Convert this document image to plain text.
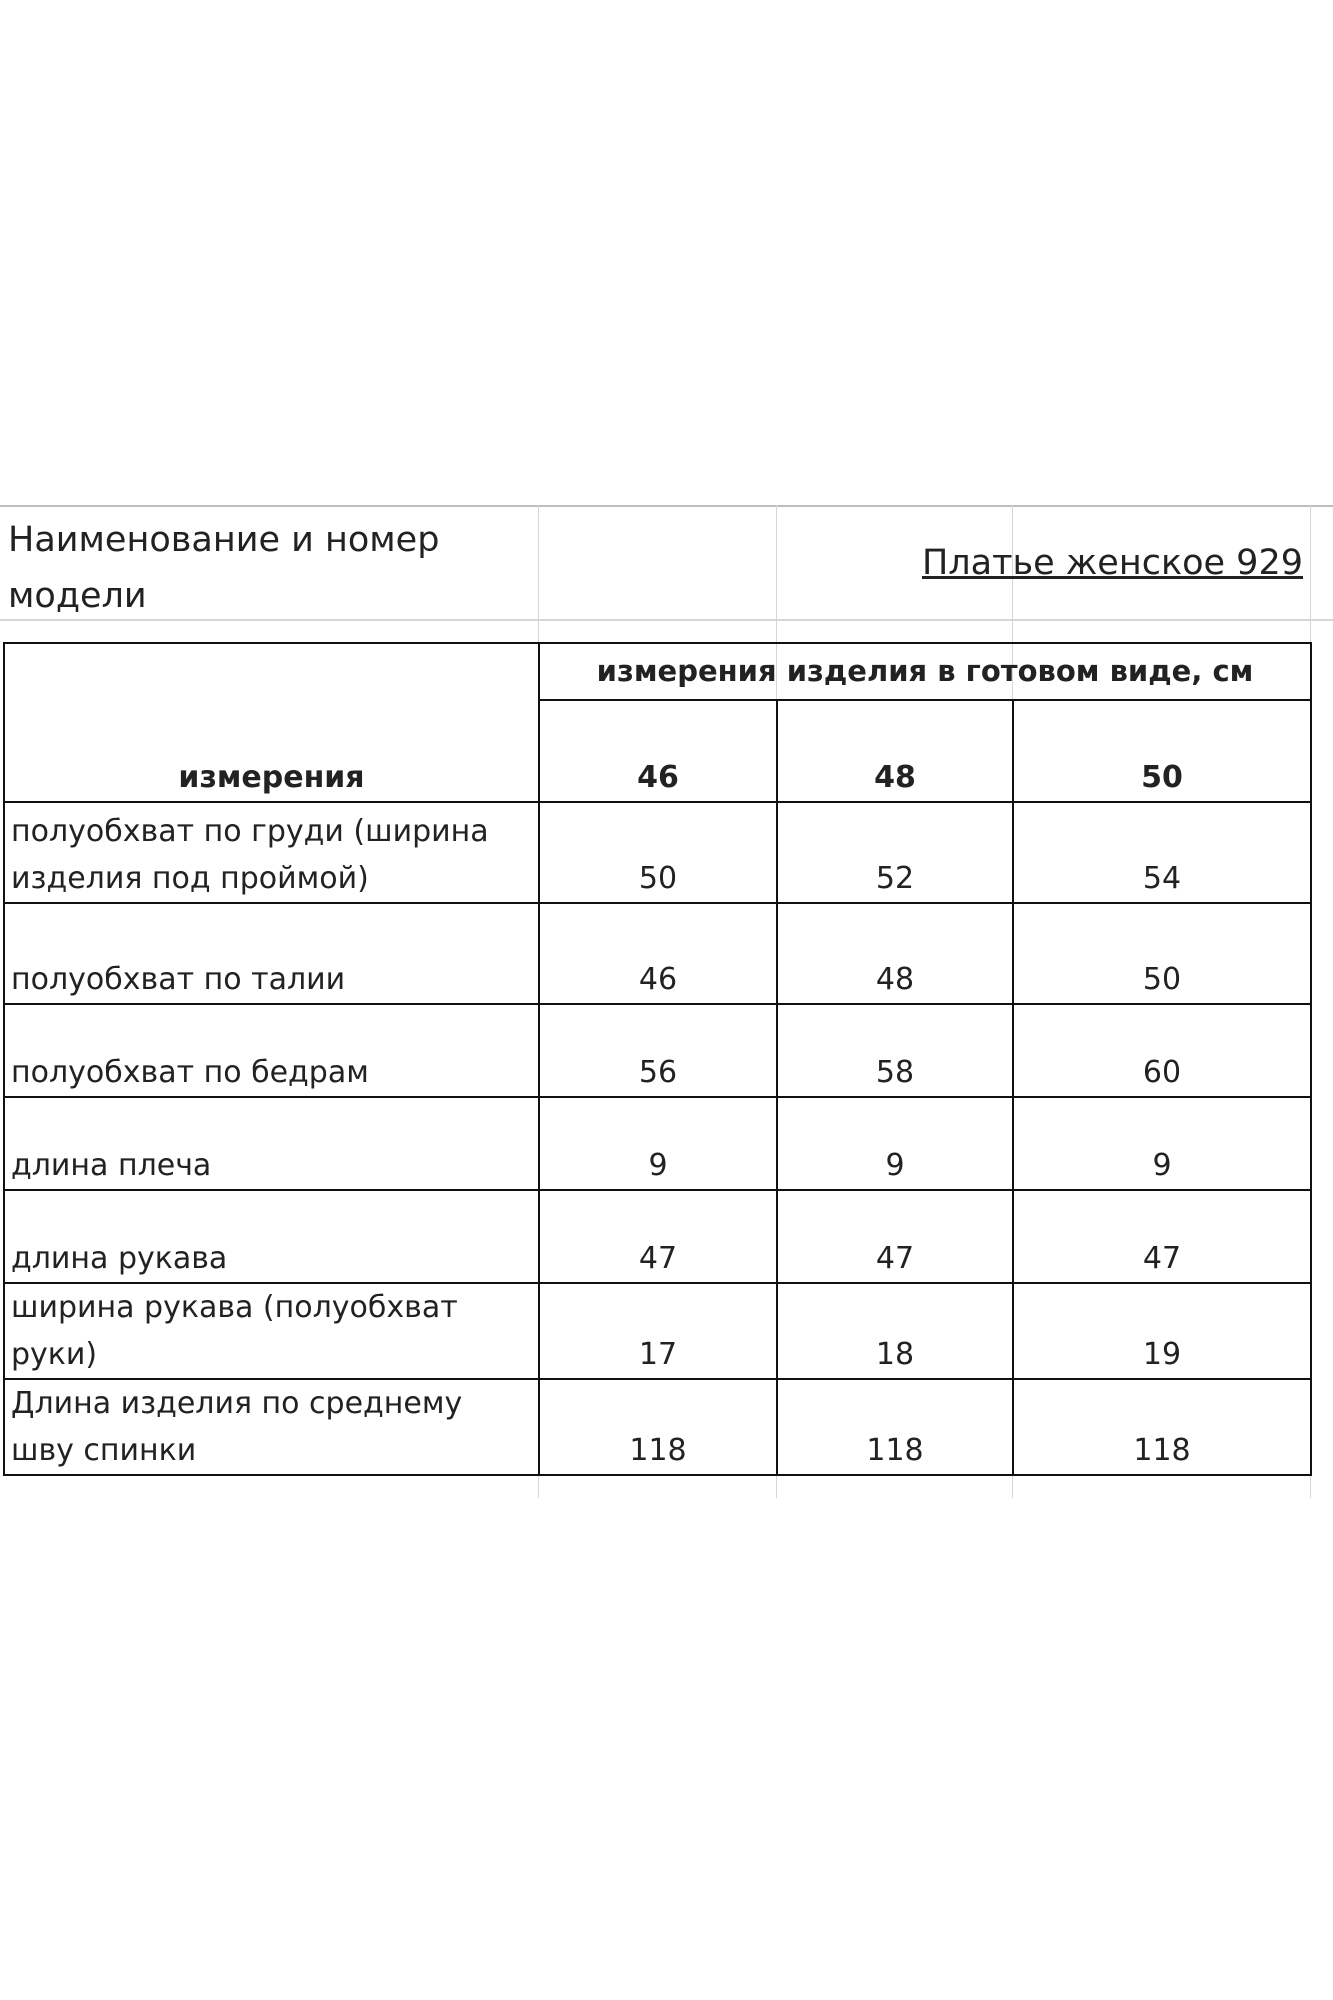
Наименование и номер модели
Платье женское 929
измерения	измерения изделия в готовом виде, см		
	46	48	50
полуобхват по груди (ширина изделия под проймой)	50	52	54
полуобхват по талии	46	48	50
полуобхват по бедрам	56	58	60
длина плеча	9	9	9
длина рукава	47	47	47
ширина рукава (полуобхват руки)	17	18	19
Длина изделия по среднему шву спинки	118	118	118
